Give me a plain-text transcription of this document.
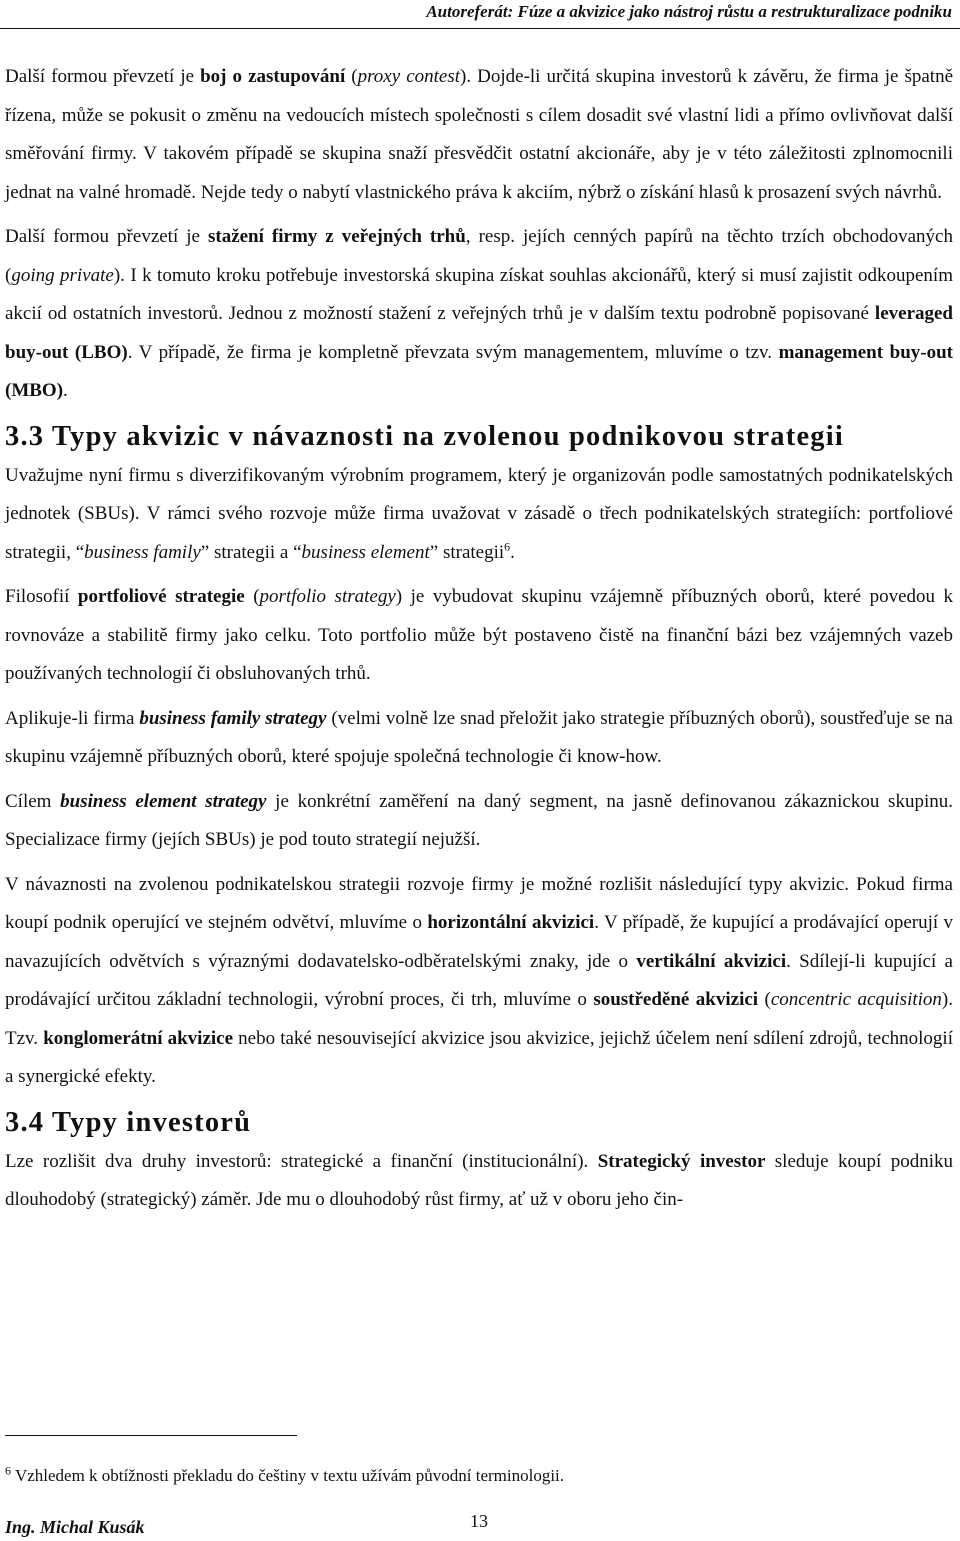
Autoreferát: Fúze a akvizice jako nástroj růstu a restrukturalizace podniku

Další formou převzetí je boj o zastupování (proxy contest). Dojde-li určitá skupina investorů k závěru, že firma je špatně řízena, může se pokusit o změnu na vedoucích místech společnosti s cílem dosadit své vlastní lidi a přímo ovlivňovat další směřování firmy. V takovém případě se skupina snaží přesvědčit ostatní akcionáře, aby je v této záležitosti zplnomocnili jednat na valné hromadě. Nejde tedy o nabytí vlastnického práva k akciím, nýbrž o získání hlasů k prosazení svých návrhů.

Další formou převzetí je stažení firmy z veřejných trhů, resp. jejích cenných papírů na těchto trzích obchodovaných (going private). I k tomuto kroku potřebuje investorská skupina získat souhlas akcionářů, který si musí zajistit odkoupením akcií od ostatních investorů. Jednou z možností stažení z veřejných trhů je v dalším textu podrobně popisované leveraged buy-out (LBO). V případě, že firma je kompletně převzata svým managementem, mluvíme o tzv. management buy-out (MBO).

3.3 Typy akvizic v návaznosti na zvolenou podnikovou strategii

Uvažujme nyní firmu s diverzifikovaným výrobním programem, který je organizován podle samostatných podnikatelských jednotek (SBUs). V rámci svého rozvoje může firma uvažovat v zásadě o třech podnikatelských strategiích: portfoliové strategii, “business family” strategii a “business element” strategii$^6$.

Filosofií portfoliové strategie (portfolio strategy) je vybudovat skupinu vzájemně příbuzných oborů, které povedou k rovnováze a stabilitě firmy jako celku. Toto portfolio může být postaveno čistě na finanční bázi bez vzájemných vazeb používaných technologií či obsluhovaných trhů.

Aplikuje-li firma business family strategy (velmi volně lze snad přeložit jako strategie příbuzných oborů), soustřeďuje se na skupinu vzájemně příbuzných oborů, které spojuje společná technologie či know-how.

Cílem business element strategy je konkrétní zaměření na daný segment, na jasně definovanou zákaznickou skupinu. Specializace firmy (jejích SBUs) je pod touto strategií nejužší.

V návaznosti na zvolenou podnikatelskou strategii rozvoje firmy je možné rozlišit následující typy akvizic. Pokud firma koupí podnik operující ve stejném odvětví, mluvíme o horizontální akvizici. V případě, že kupující a prodávající operují v navazujících odvětvích s výraznými dodavatelsko-odběratelskými znaky, jde o vertikální akvizici. Sdílejí-li kupující a prodávající určitou základní technologii, výrobní proces, či trh, mluvíme o soustředěné akvizici (concentric acquisition). Tzv. konglomerátní akvizice nebo také nesouvisející akvizice jsou akvizice, jejichž účelem není sdílení zdrojů, technologií a synergické efekty.

3.4 Typy investorů

Lze rozlišit dva druhy investorů: strategické a finanční (institucionální). Strategický investor sleduje koupí podniku dlouhodobý (strategický) záměr. Jde mu o dlouhodobý růst firmy, ať už v oboru jeho čin-

$^6$ Vzhledem k obtížnosti překladu do češtiny v textu užívám původní terminologii.
Ing. Michal Kusák	13
